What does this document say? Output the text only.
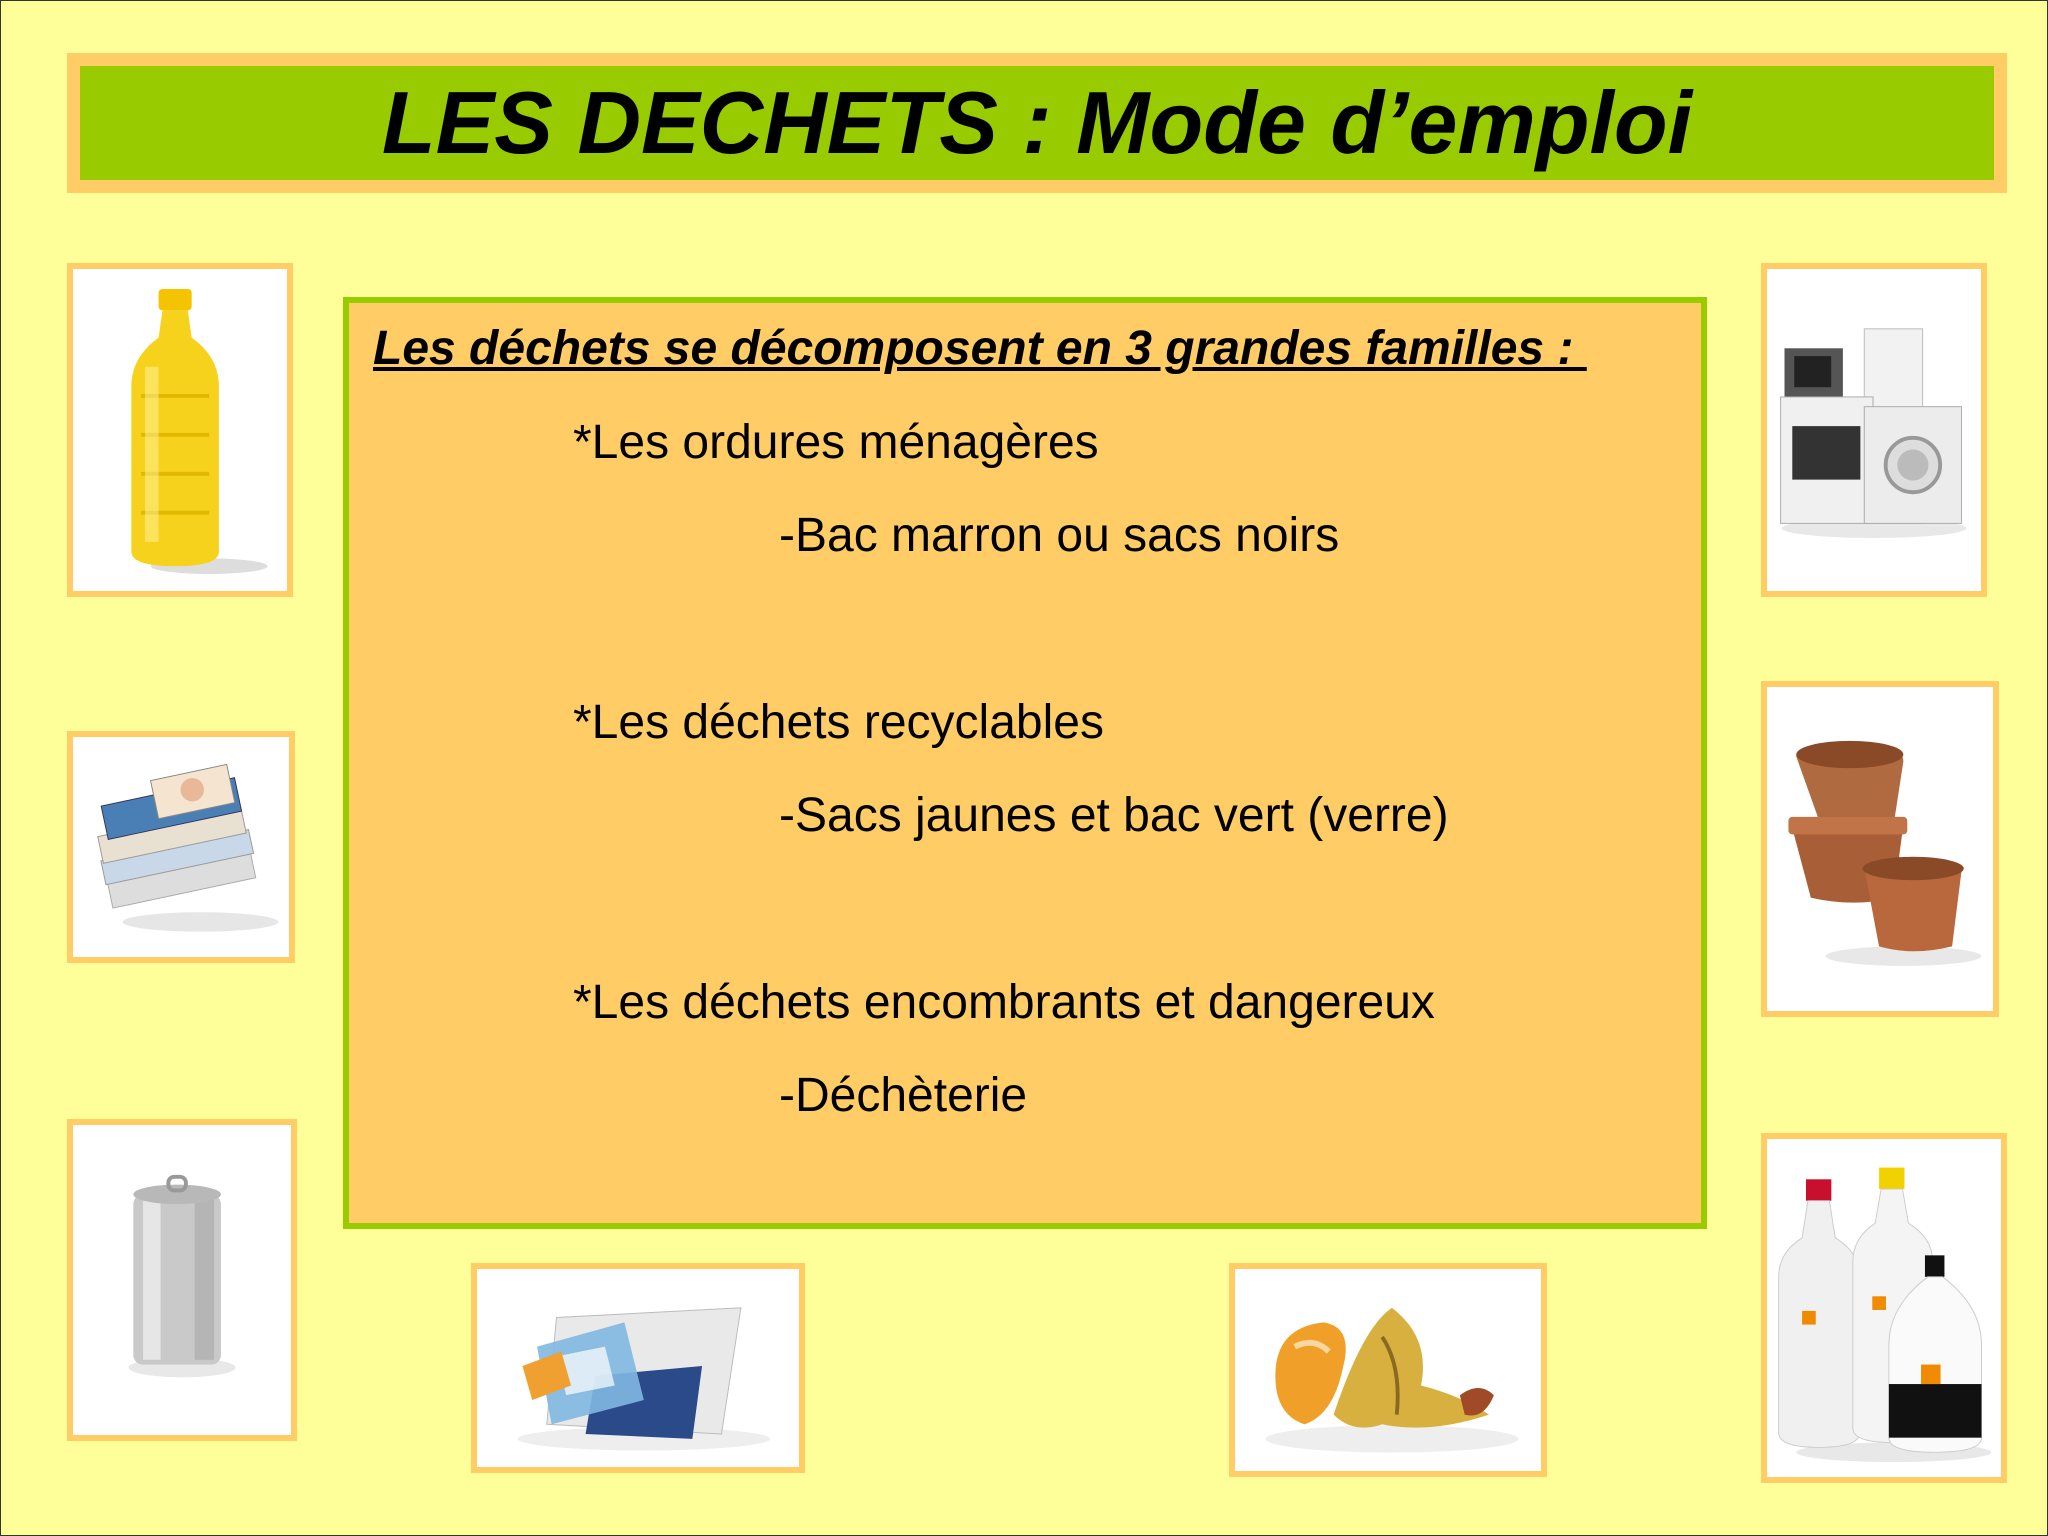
LES DECHETS : Mode d’emploi
Les déchets se décomposent en 3 grandes familles :
*Les ordures ménagères
-Bac marron ou sacs noirs
*Les déchets recyclables
-Sacs jaunes et bac vert (verre)
*Les déchets encombrants et dangereux
-Déchèterie
